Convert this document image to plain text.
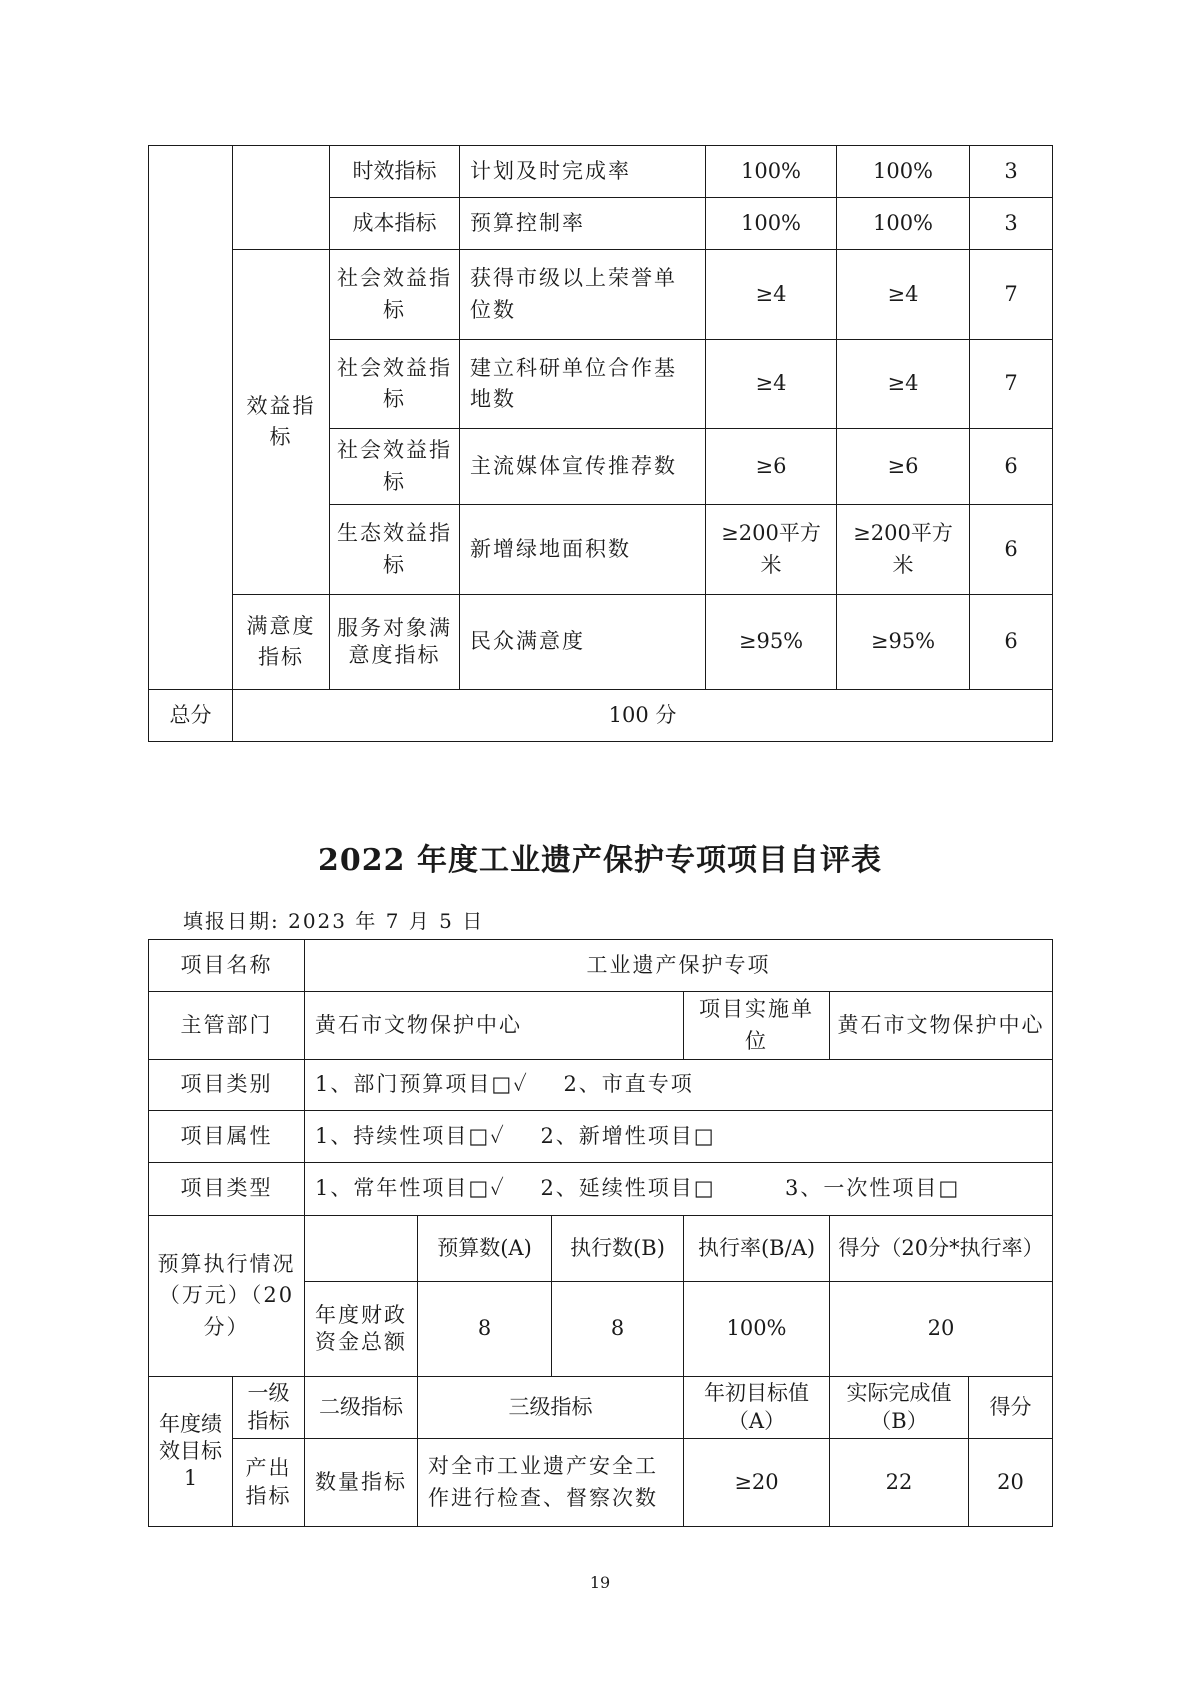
		时效指标	计划及时完成率	100%	100%	3
		成本指标	预算控制率	100%	100%	3
	效益指标	社会效益指标	获得市级以上荣誉单位数	≥4	≥4	7
		社会效益指标	建立科研单位合作基地数	≥4	≥4	7
		社会效益指标	主流媒体宣传推荐数	≥6	≥6	6
		生态效益指标	新增绿地面积数	≥200平方米	≥200平方米	6
	满意度指标	服务对象满意度指标	民众满意度	≥95%	≥95%	6
总分	100 分					
2022 年度工业遗产保护专项项目自评表
填报日期: 2023 年 7 月 5 日
项目名称		工业遗产保护专项					
主管部门		黄石市文物保护中心			项目实施单位	黄石市文物保护中心	
项目类别		1、部门预算项目□✓    2、市直专项					
项目属性		1、持续性项目□✓    2、新增性项目□					
项目类型		1、常年性项目□✓    2、延续性项目□        3、一次性项目□					
预算执行情况（万元）（20分）			预算数(A)	执行数(B)	执行率(B/A)	得分（20分*执行率）	
		年度财政资金总额	8	8	100%	20	
年度绩效目标1	一级指标	二级指标	三级指标		年初目标值（A）	实际完成值（B）	得分
	产出指标	数量指标	对全市工业遗产安全工作进行检查、督察次数		≥20	22	20
19
